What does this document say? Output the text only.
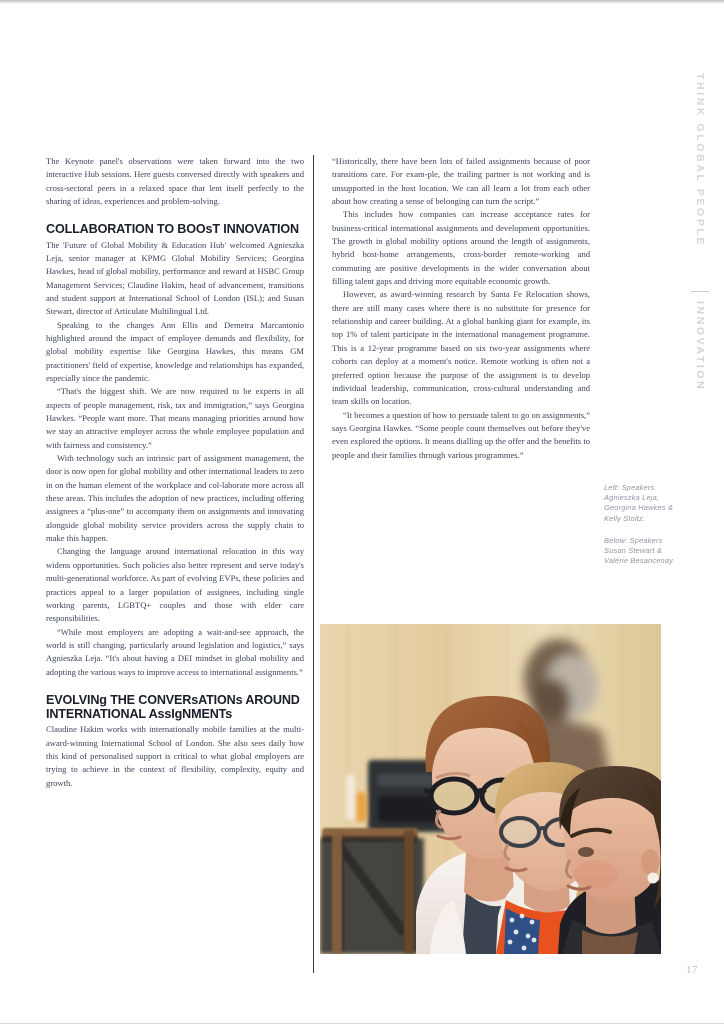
THINK GLOBAL PEOPLE
INNOVATION

The Keynote panel's observations were taken forward into the two interactive Hub sessions. Here guests conversed directly with speakers and cross-sectoral peers in a relaxed space that lent itself perfectly to the sharing of ideas, experiences and problem-solving.

COLLABORATION TO BOOsT INNOVATION

The 'Future of Global Mobility & Education Hub' welcomed Agnieszka Leja, senior manager at KPMG Global Mobility Services; Georgina Hawkes, head of global mobility, performance and reward at HSBC Group Management Services; Claudine Hakim, head of advancement, transitions and student support at International School of London (ISL); and Susan Stewart, director of Articulate Multilingual Ltd.

Speaking to the changes Ann Ellis and Demetra Marcantonio highlighted around the impact of employee demands and flexibility, for global mobility expertise like Georgina Hawkes, this means GM practitioners' field of expertise, knowledge and relationships has expanded, especially since the pandemic.

“That's the biggest shift. We are now required to be experts in all aspects of people management, risk, tax and immigration,” says Georgina Hawkes. “People want more. That means managing priorities around how we stay an attractive employer across the whole employee population and with fairness and consistency.”

With technology such an intrinsic part of assignment management, the door is now open for global mobility and other international leaders to zero in on the human element of the workplace and col-laborate more across all these areas. This includes the adoption of new practices, including offering assignees a “plus-one” to accompany them on assignments and innovating alongside global mobility service providers across the supply chain to make this happen.

Changing the language around international relocation in this way widens opportunities. Such policies also better represent and serve today's multi-generational workforce. As part of evolving EVPs, these policies and practices appeal to a larger population of assignees, including single working parents, LGBTQ+ couples and those with elder care responsibilities.

“While most employers are adopting a wait-and-see approach, the world is still changing, particularly around legislation and logistics,” says Agnieszka Leja. “It's about having a DEI mindset in global mobility and adopting the various ways to improve access to international assignments.”

EVOLVINg THE CONVERsATIONs AROUND INTERNATIONAL AssIgNMENTs

Claudine Hakim works with internationally mobile families at the multi-award-winning International School of London. She also sees daily how this kind of personalised support is critical to what global employers are trying to achieve in the context of flexibility, complexity, equity and growth.

“Historically, there have been lots of failed assignments because of poor transitions care. For exam-ple, the trailing partner is not working and is unsupported in the host location. We can all learn a lot from each other about how creating a sense of belonging can turn the script.”

This includes how companies can increase acceptance rates for business-critical international assignments and development opportunities. The growth in global mobility options around the length of assignments, hybrid host-home arrangements, cross-border remote-working and commuting are positive developments in the wider conversation about filling talent gaps and driving more equitable economic growth.

However, as award-winning research by Santa Fe Relocation shows, there are still many cases where there is no substitute for presence for relationship and career building. At a global banking giant for example, its top 1% of talent participate in the international management programme. This is a 12-year programme based on six two-year assignments where cohorts can deploy at a moment's notice. Remote working is often not a preferred option because the purpose of the assignment is to develop individual leadership, communication, cross-cultural understanding and team skills on location.

“It becomes a question of how to persuade talent to go on assignments,” says Georgina Hawkes. “Some people count themselves out before they've even explored the options. It means dialling up the offer and the benefits to people and their families through various programmes.”

Left: Speakers Agnieszka Leja, Georgina Hawkes & Kelly Stoltz.
Below: Speakers Susan Stewart & Valérie Besancenay
17
